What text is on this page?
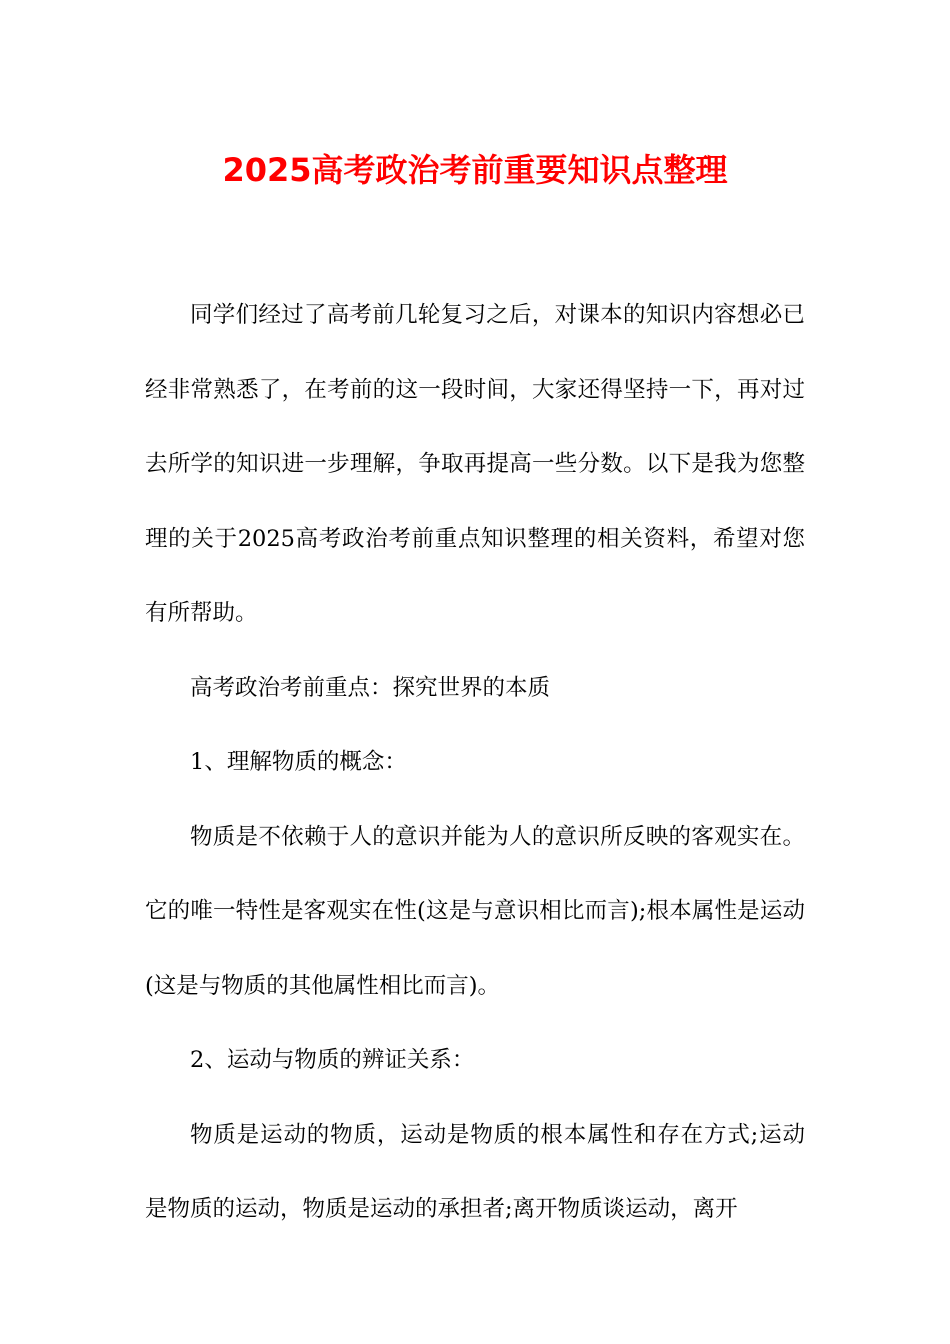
2025高考政治考前重要知识点整理

同学们经过了高考前几轮复习之后，对课本的知识内容想必已经非常熟悉了，在考前的这一段时间，大家还得坚持一下，再对过去所学的知识进一步理解，争取再提高一些分数。以下是我为您整理的关于2025高考政治考前重点知识整理的相关资料，希望对您有所帮助。

高考政治考前重点：探究世界的本质

1、理解物质的概念：

物质是不依赖于人的意识并能为人的意识所反映的客观实在。它的唯一特性是客观实在性(这是与意识相比而言);根本属性是运动(这是与物质的其他属性相比而言)。

2、运动与物质的辨证关系：

物质是运动的物质，运动是物质的根本属性和存在方式;运动是物质的运动，物质是运动的承担者;离开物质谈运动，离开
